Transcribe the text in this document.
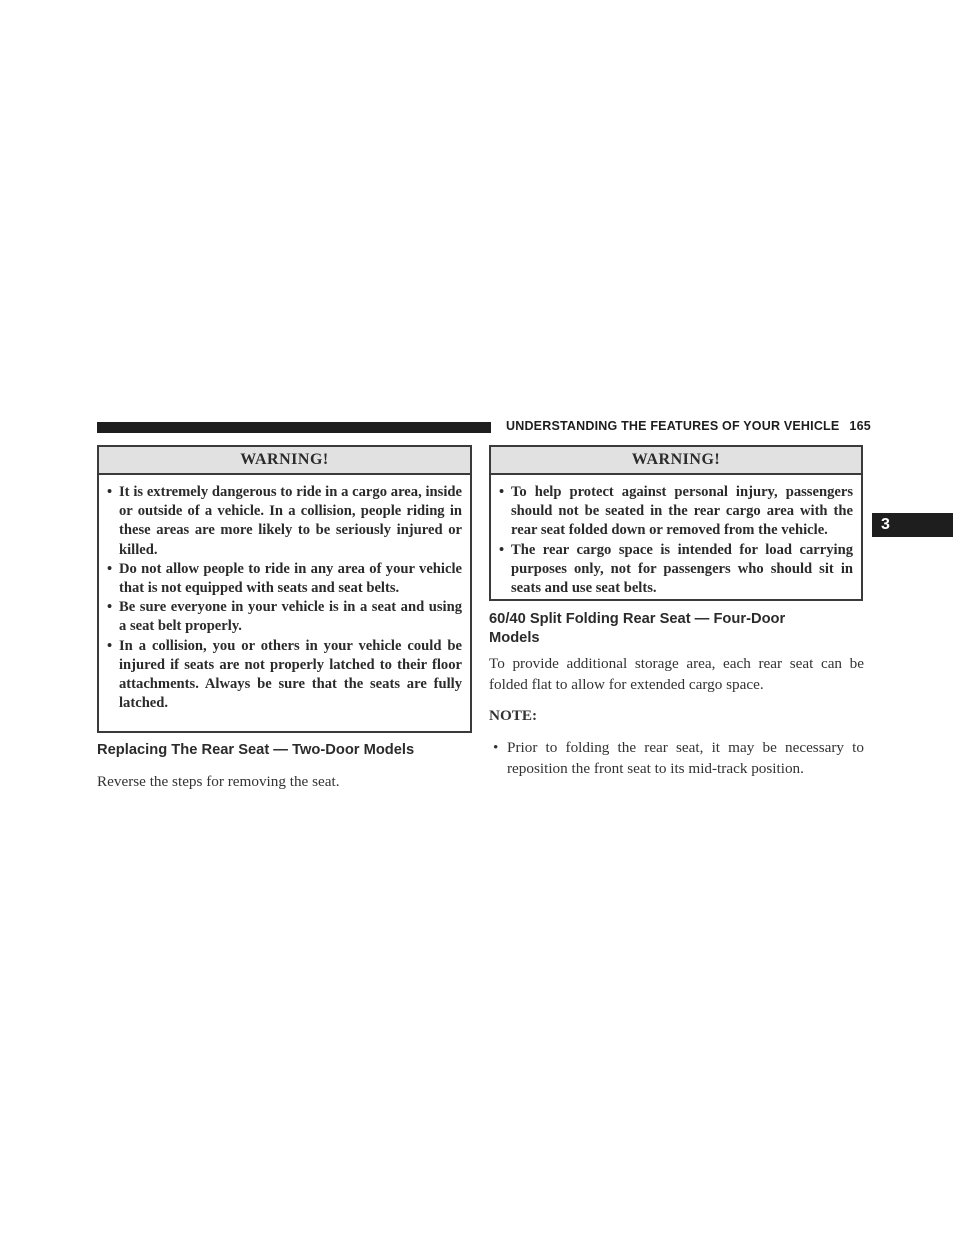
UNDERSTANDING THE FEATURES OF YOUR VEHICLE 165
3
WARNING!
• It is extremely dangerous to ride in a cargo area, inside or outside of a vehicle. In a collision, people riding in these areas are more likely to be seriously injured or killed.
• Do not allow people to ride in any area of your vehicle that is not equipped with seats and seat belts.
• Be sure everyone in your vehicle is in a seat and using a seat belt properly.
• In a collision, you or others in your vehicle could be injured if seats are not properly latched to their floor attachments. Always be sure that the seats are fully latched.
Replacing The Rear Seat — Two-Door Models
Reverse the steps for removing the seat.
WARNING!
• To help protect against personal injury, passengers should not be seated in the rear cargo area with the rear seat folded down or removed from the vehicle.
• The rear cargo space is intended for load carrying purposes only, not for passengers who should sit in seats and use seat belts.
60/40 Split Folding Rear Seat — Four-Door
Models
To provide additional storage area, each rear seat can be folded flat to allow for extended cargo space.
NOTE:
• Prior to folding the rear seat, it may be necessary to reposition the front seat to its mid-track position.
